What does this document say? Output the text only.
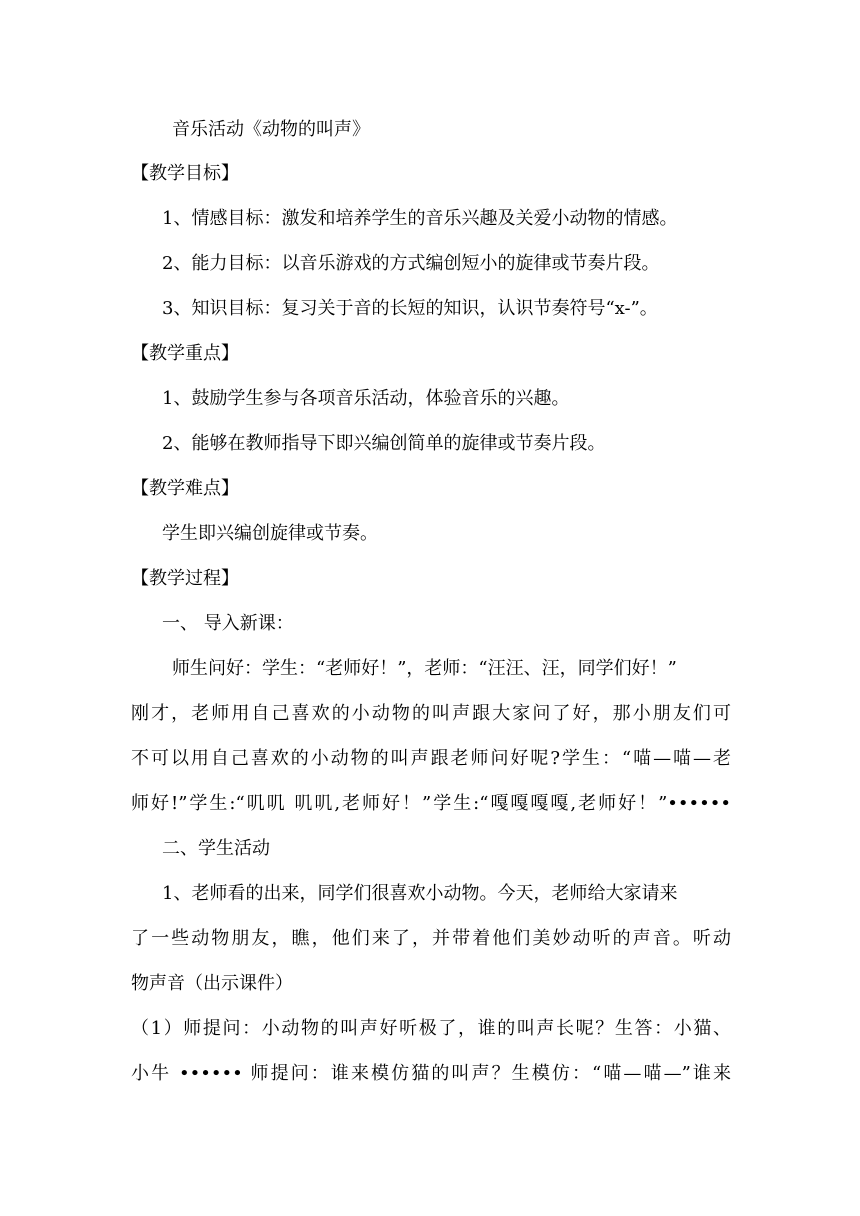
音乐活动《动物的叫声》
【教学目标】
1、情感目标：激发和培养学生的音乐兴趣及关爱小动物的情感。
2、能力目标：以音乐游戏的方式编创短小的旋律或节奏片段。
3、知识目标：复习关于音的长短的知识，认识节奏符号“x-”。
【教学重点】
1、鼓励学生参与各项音乐活动，体验音乐的兴趣。
2、能够在教师指导下即兴编创简单的旋律或节奏片段。
【教学难点】
学生即兴编创旋律或节奏。
【教学过程】
一、 导入新课：
师生问好：学生：“老师好！”，老师：“汪汪、汪，同学们好！”
刚才，老师用自己喜欢的小动物的叫声跟大家问了好，那小朋友们可
不可以用自己喜欢的小动物的叫声跟老师问好呢?学生：“喵—喵—老
师好!”学生:“叽叽 叽叽,老师好！”学生:“嘎嘎嘎嘎,老师好！”••••••
二、学生活动
1、老师看的出来，同学们很喜欢小动物。今天，老师给大家请来
了一些动物朋友，瞧，他们来了，并带着他们美妙动听的声音。听动
物声音（出示课件）
（1）师提问：小动物的叫声好听极了，谁的叫声长呢？生答：小猫、
小牛 •••••• 师提问：谁来模仿猫的叫声？生模仿：“喵—喵—”谁来
